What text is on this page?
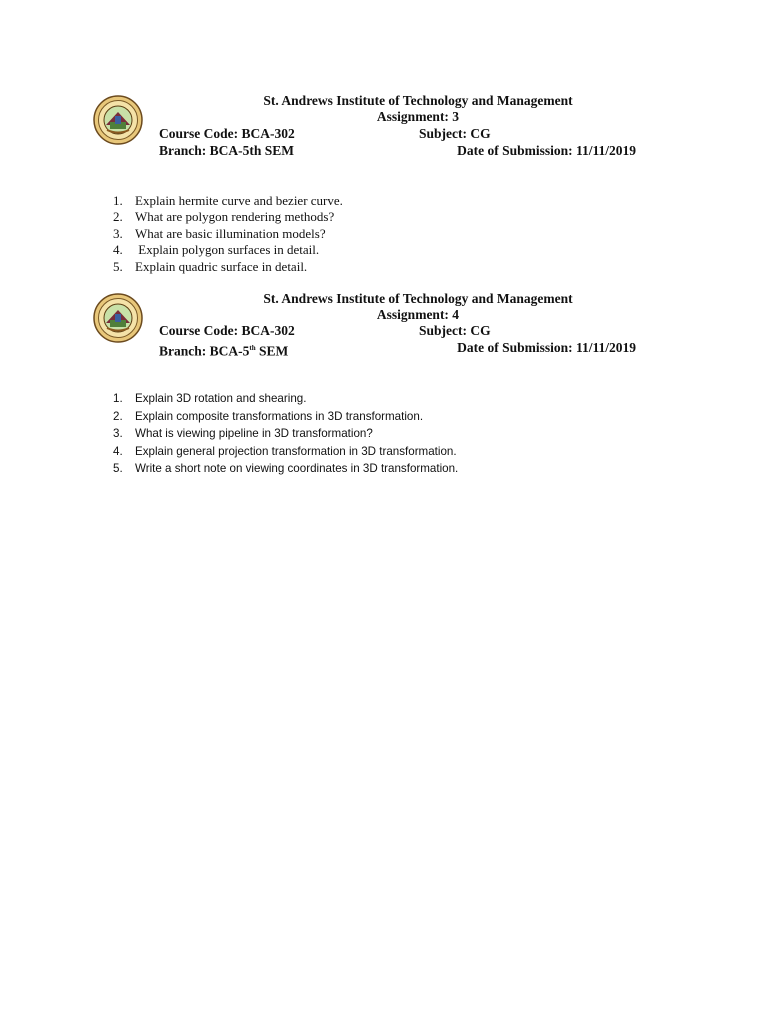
St. Andrews Institute of Technology and Management
Assignment: 3
Course Code: BCA-302	Subject: CG
Branch: BCA-5th SEM	Date of Submission: 11/11/2019
1. Explain hermite curve and bezier curve.
2. What are polygon rendering methods?
3. What are basic illumination models?
4. Explain polygon surfaces in detail.
5. Explain quadric surface in detail.
St. Andrews Institute of Technology and Management
Assignment: 4
Course Code: BCA-302	Subject: CG
Branch: BCA-5th SEM	Date of Submission: 11/11/2019
1. Explain 3D rotation and shearing.
2. Explain composite transformations in 3D transformation.
3. What is viewing pipeline in 3D transformation?
4. Explain general projection transformation in 3D transformation.
5. Write a short note on viewing coordinates in 3D transformation.
